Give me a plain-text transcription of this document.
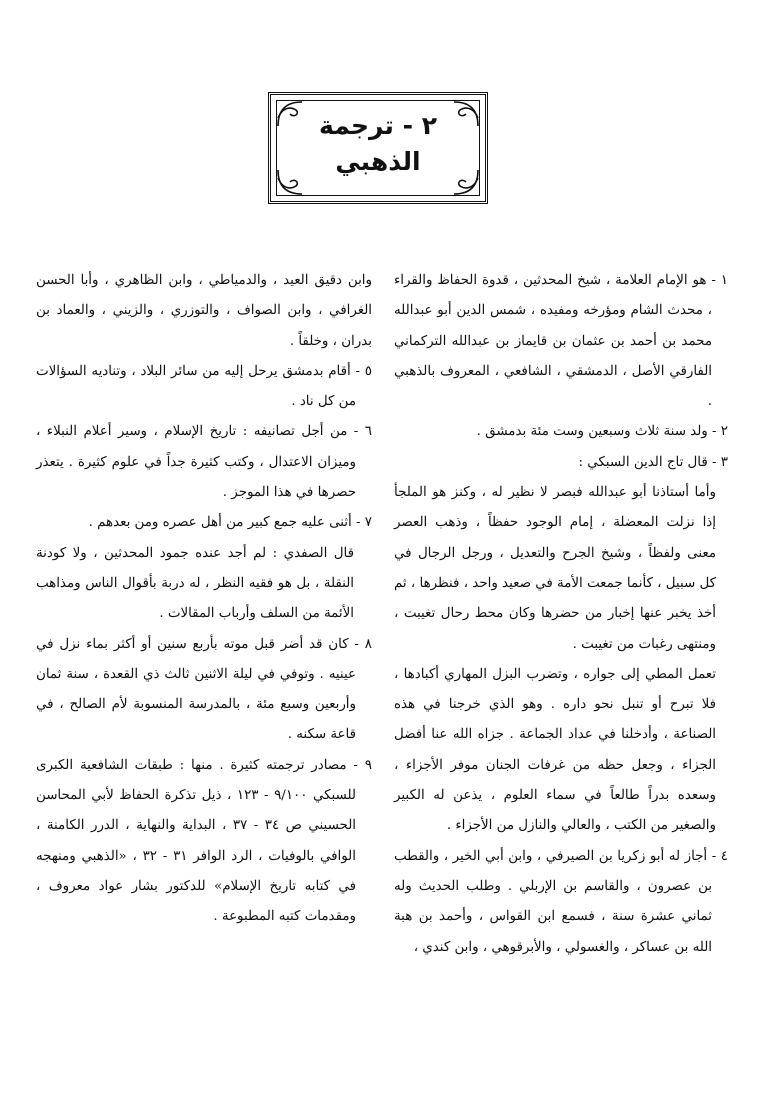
٢ - ترجمة
الذهبي

١ - هو الإمام العلامة ، شيخ المحدثين ، قدوة الحفاظ والقراء ، محدث الشام ومؤرخه ومفيده ، شمس الدين أبو عبدالله محمد بن أحمد بن عثمان بن قايماز بن عبدالله التركماني الفارقي الأصل ، الدمشقي ، الشافعي ، المعروف بالذهبي .

٢ - ولد سنة ثلاث وسبعين وست مئة بدمشق .

٣ - قال تاج الدين السبكي :

وأما أستاذنا أبو عبدالله فبصر لا نظير له ، وكنز هو الملجأ إذا نزلت المعضلة ، إمام الوجود حفظاً ، وذهب العصر معنى ولفظاً ، وشيخ الجرح والتعديل ، ورجل الرجال في كل سبيل ، كأنما جمعت الأمة في صعيد واحد ، فنظرها ، ثم أخذ يخبر عنها إخبار من حضرها وكان محط رحال تغيبت ، ومنتهى رغبات من تغيبت .

تعمل المطي إلى جواره ، وتضرب البزل المهاري أكبادها ، فلا تبرح أو تنبل نحو داره . وهو الذي خرجنا في هذه الصناعة ، وأدخلنا في عداد الجماعة . جزاه الله عنا أفضل الجزاء ، وجعل حظه من غرفات الجنان موفر الأجزاء ، وسعده بدراً طالعاً في سماء العلوم ، يذعن له الكبير والصغير من الكتب ، والعالي والنازل من الأجزاء .

٤ - أجاز له أبو زكريا بن الصيرفي ، وابن أبي الخير ، والقطب بن عصرون ، والقاسم بن الإربلي . وطلب الحديث وله ثماني عشرة سنة ، فسمع ابن القواس ، وأحمد بن هبة الله بن عساكر ، والغسولي ، والأبرقوهي ، وابن كندي ،

وابن دقيق العيد ، والدمياطي ، وابن الظاهري ، وأبا الحسن الغرافي ، وابن الصواف ، والتوزري ، والزيني ، والعماد بن بدران ، وخلقاً .

٥ - أقام بدمشق يرحل إليه من سائر البلاد ، وتناديه السؤالات من كل ناد .

٦ - من أجل تصانيفه : تاريخ الإسلام ، وسير أعلام النبلاء ، وميزان الاعتدال ، وكتب كثيرة جداً في علوم كثيرة . يتعذر حصرها في هذا الموجز .

٧ - أثنى عليه جمع كبير من أهل عصره ومن بعدهم .

قال الصفدي : لم أجد عنده جمود المحدثين ، ولا كودنة النقلة ، بل هو فقيه النظر ، له دربة بأقوال الناس ومذاهب الأئمة من السلف وأرباب المقالات .

٨ - كان قد أضر قبل موته بأربع سنين أو أكثر بماء نزل في عينيه . وتوفي في ليلة الاثنين ثالث ذي القعدة ، سنة ثمان وأربعين وسبع مئة ، بالمدرسة المنسوبة لأم الصالح ، في قاعة سكنه .

٩ - مصادر ترجمته كثيرة . منها : طبقات الشافعية الكبرى للسبكي ٩/١٠٠ - ١٢٣ ، ذيل تذكرة الحفاظ لأبي المحاسن الحسيني ص ٣٤ - ٣٧ ، البداية والنهاية ، الدرر الكامنة ، الوافي بالوفيات ، الرد الوافر ٣١ - ٣٢ ، «الذهبي ومنهجه في كتابه تاريخ الإسلام» للدكتور بشار عواد معروف ، ومقدمات كتبه المطبوعة .
